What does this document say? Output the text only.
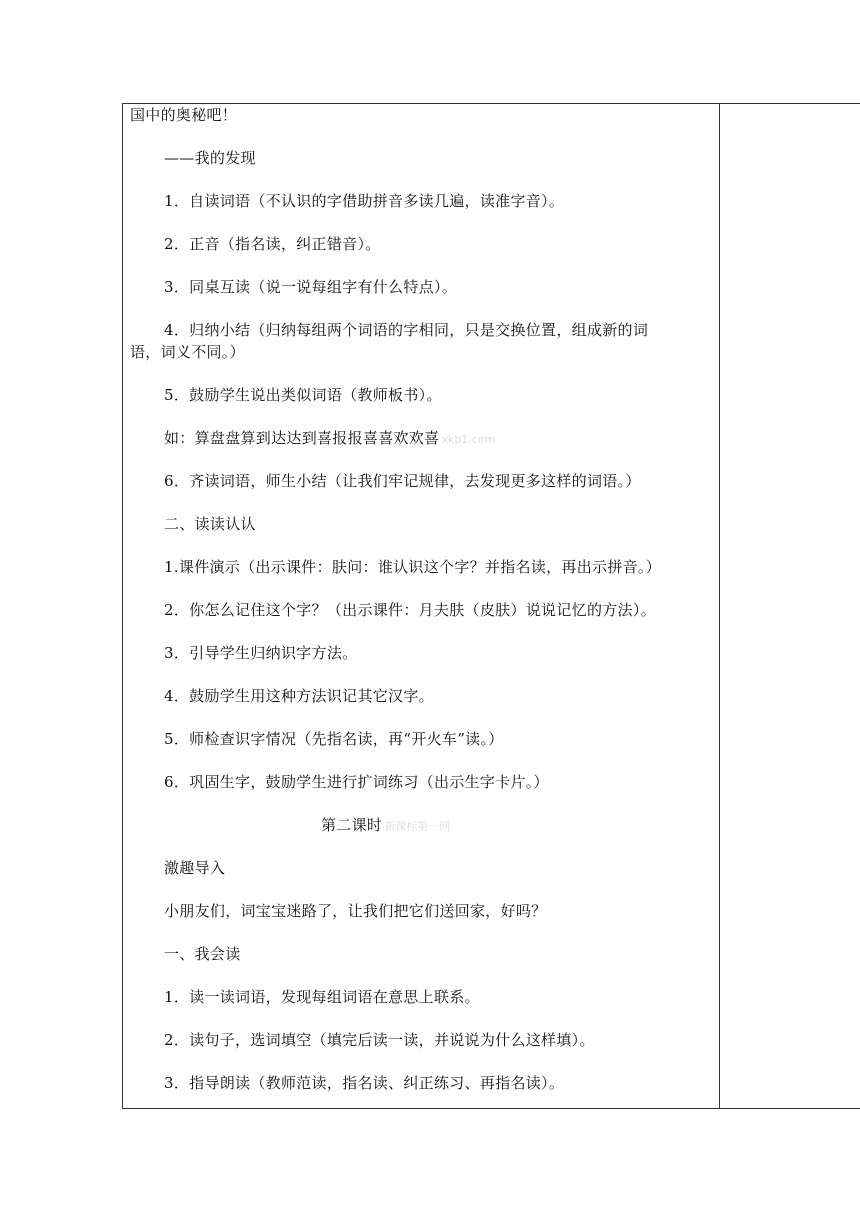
国中的奥秘吧！
——我的发现
1．自读词语（不认识的字借助拼音多读几遍，读准字音）。
2．正音（指名读，纠正错音）。
3．同桌互读（说一说每组字有什么特点）。
4．归纳小结（归纳每组两个词语的字相同，只是交换位置，组成新的词
语，词义不同。）
5．鼓励学生说出类似词语（教师板书）。
如：算盘盘算到达达到喜报报喜喜欢欢喜 xkb1.com
6．齐读词语，师生小结（让我们牢记规律，去发现更多这样的词语。）
二、读读认认
1.课件演示（出示课件：肤问：谁认识这个字？并指名读，再出示拼音。）
2．你怎么记住这个字？（出示课件：月夫肤（皮肤）说说记忆的方法）。
3．引导学生归纳识字方法。
4．鼓励学生用这种方法识记其它汉字。
5．师检查识字情况（先指名读，再“开火车”读。）
6．巩固生字，鼓励学生进行扩词练习（出示生字卡片。）
第二课时 新课标第一网
激趣导入
小朋友们，词宝宝迷路了，让我们把它们送回家，好吗？
一、我会读
1．读一读词语，发现每组词语在意思上联系。
2．读句子，选词填空（填完后读一读，并说说为什么这样填）。
3．指导朗读（教师范读，指名读、纠正练习、再指名读）。
